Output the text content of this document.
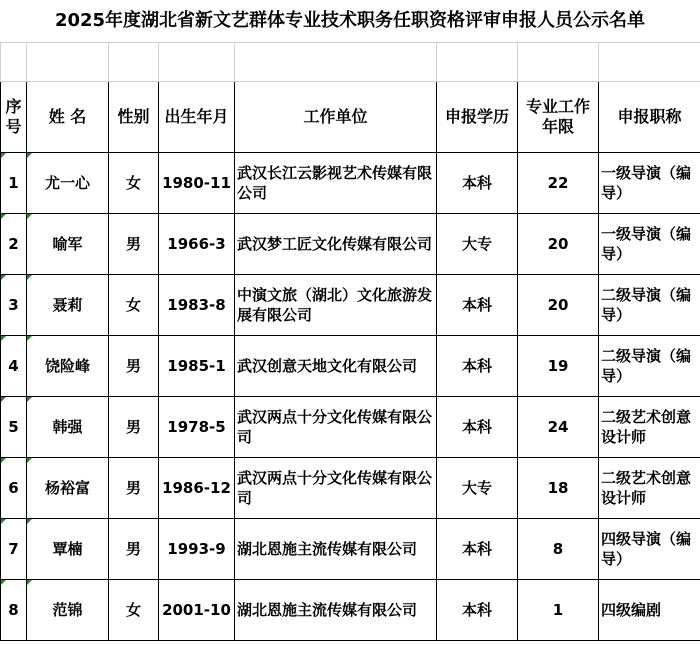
2025年度湖北省新文艺群体专业技术职务任职资格评审申报人员公示名单

序号	姓 名	性别	出生年月	工作单位	申报学历	专业工作年限	申报职称
1	尤一心	女	1980-11	武汉长江云影视艺术传媒有限公司	本科	22	一级导演（编导）
2	喻军	男	1966-3	武汉梦工匠文化传媒有限公司	大专	20	一级导演（编导）
3	聂莉	女	1983-8	中演文旅（湖北）文化旅游发展有限公司	本科	20	二级导演（编导）
4	饶险峰	男	1985-1	武汉创意天地文化有限公司	本科	19	二级导演（编导）
5	韩强	男	1978-5	武汉两点十分文化传媒有限公司	本科	24	二级艺术创意设计师
6	杨裕富	男	1986-12	武汉两点十分文化传媒有限公司	大专	18	二级艺术创意设计师
7	覃楠	男	1993-9	湖北恩施主流传媒有限公司	本科	8	四级导演（编导）
8	范锦	女	2001-10	湖北恩施主流传媒有限公司	本科	1	四级编剧
